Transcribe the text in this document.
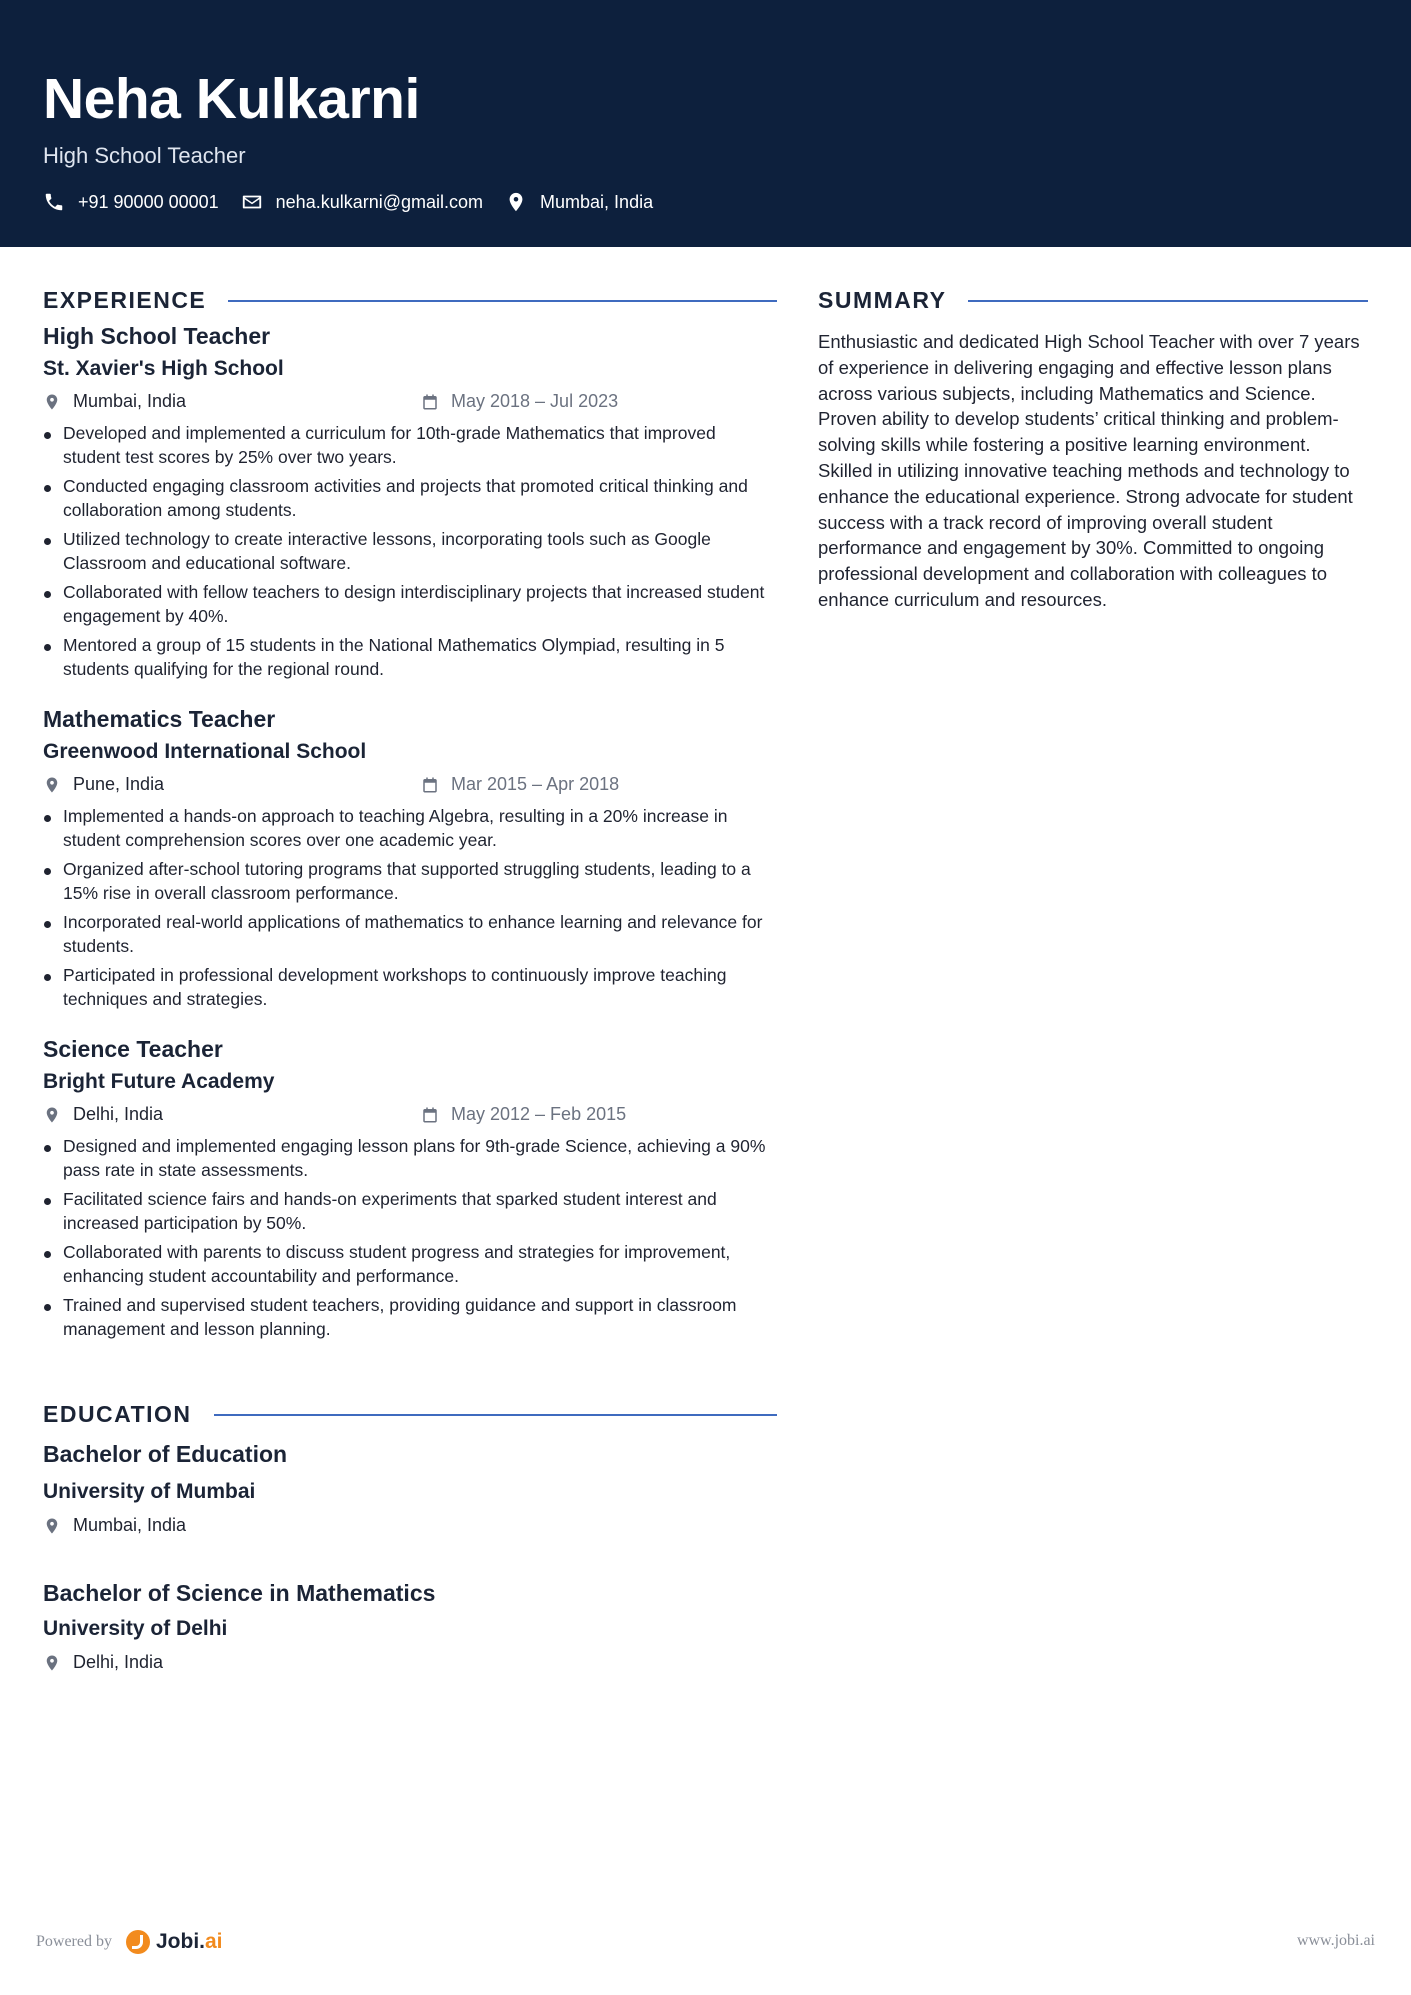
Neha Kulkarni
High School Teacher
+91 90000 00001	neha.kulkarni@gmail.com	Mumbai, India
EXPERIENCE	SUMMARY
Enthusiastic and dedicated High School Teacher with over 7 years of experience in delivering engaging and effective lesson plans across various subjects, including Mathematics and Science. Proven ability to develop students’ critical thinking and problem-solving skills while fostering a positive learning environment. Skilled in utilizing innovative teaching methods and technology to enhance the educational experience. Strong advocate for student success with a track record of improving overall student performance and engagement by 30%. Committed to ongoing professional development and collaboration with colleagues to enhance curriculum and resources.
High School Teacher
St. Xavier's High School
Mumbai, India	May 2018 – Jul 2023
Developed and implemented a curriculum for 10th-grade Mathematics that improved student test scores by 25% over two years.
Conducted engaging classroom activities and projects that promoted critical thinking and collaboration among students.
Utilized technology to create interactive lessons, incorporating tools such as Google Classroom and educational software.
Collaborated with fellow teachers to design interdisciplinary projects that increased student engagement by 40%.
Mentored a group of 15 students in the National Mathematics Olympiad, resulting in 5 students qualifying for the regional round.
Mathematics Teacher
Greenwood International School
Pune, India	Mar 2015 – Apr 2018
Implemented a hands-on approach to teaching Algebra, resulting in a 20% increase in student comprehension scores over one academic year.
Organized after-school tutoring programs that supported struggling students, leading to a 15% rise in overall classroom performance.
Incorporated real-world applications of mathematics to enhance learning and relevance for students.
Participated in professional development workshops to continuously improve teaching techniques and strategies.
Science Teacher
Bright Future Academy
Delhi, India	May 2012 – Feb 2015
Designed and implemented engaging lesson plans for 9th-grade Science, achieving a 90% pass rate in state assessments.
Facilitated science fairs and hands-on experiments that sparked student interest and increased participation by 50%.
Collaborated with parents to discuss student progress and strategies for improvement, enhancing student accountability and performance.
Trained and supervised student teachers, providing guidance and support in classroom management and lesson planning.
EDUCATION
Bachelor of Education
University of Mumbai
Mumbai, India
Bachelor of Science in Mathematics
University of Delhi
Delhi, India
Powered by Jobi. ai	www.jobi.ai
